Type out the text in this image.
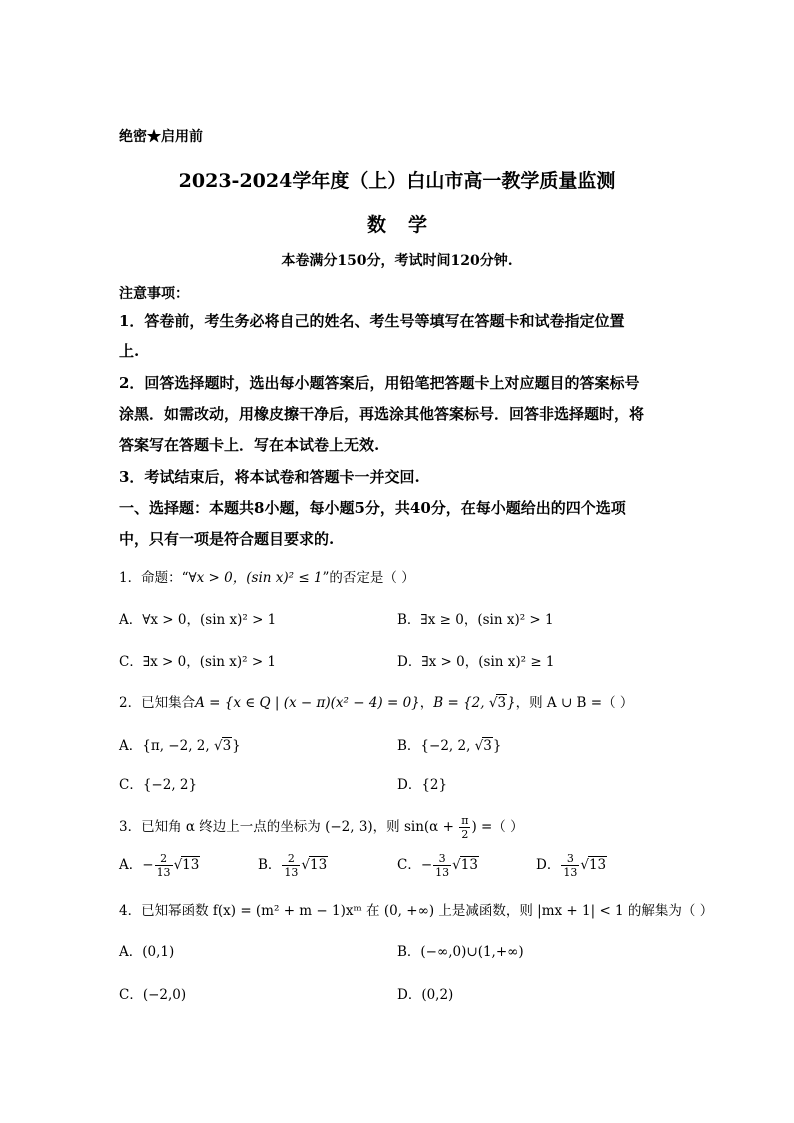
绝密★启用前
2023-2024学年度（上）白山市高一教学质量监测
数学
本卷满分150分，考试时间120分钟.
注意事项：
1．答卷前，考生务必将自己的姓名、考生号等填写在答题卡和试卷指定位置
上.
2．回答选择题时，选出每小题答案后，用铅笔把答题卡上对应题目的答案标号
涂黑．如需改动，用橡皮擦干净后，再选涂其他答案标号．回答非选择题时，将
答案写在答题卡上．写在本试卷上无效.
3．考试结束后，将本试卷和答题卡一并交回.
一、选择题：本题共8小题，每小题5分，共40分，在每小题给出的四个选项
中，只有一项是符合题目要求的.
1．命题：“∀x > 0，(sin x)² ≤ 1”的否定是（ ）
A．∀x > 0，(sin x)² > 1	B．∃x ≥ 0，(sin x)² > 1
C．∃x > 0，(sin x)² > 1	D．∃x > 0，(sin x)² ≥ 1
2．已知集合A = {x ∈ Q | (x − π)(x² − 4) = 0}，B = {2, √3}，则 A ∪ B =（ ）
A．{π, −2, 2, √3}	B．{−2, 2, √3}
C．{−2, 2}	D．{2}
3．已知角 α 终边上一点的坐标为 (−2, 3)，则 $\sin(\alpha + \frac{\pi}{2}$ ) =（ ）
A．− $\frac{2}{13} √13$	B． $\frac{2}{13} √13$	C．− $\frac{3}{13} √13$	D． $\frac{3}{13} √13$
4．已知幂函数 f(x) = (m² + m − 1)xᵐ 在 (0, +∞) 上是减函数，则 |mx + 1| < 1 的解集为（ ）
A．(0,1)	B．(−∞,0)∪(1,+∞)
C．(−2,0)	D．(0,2)
